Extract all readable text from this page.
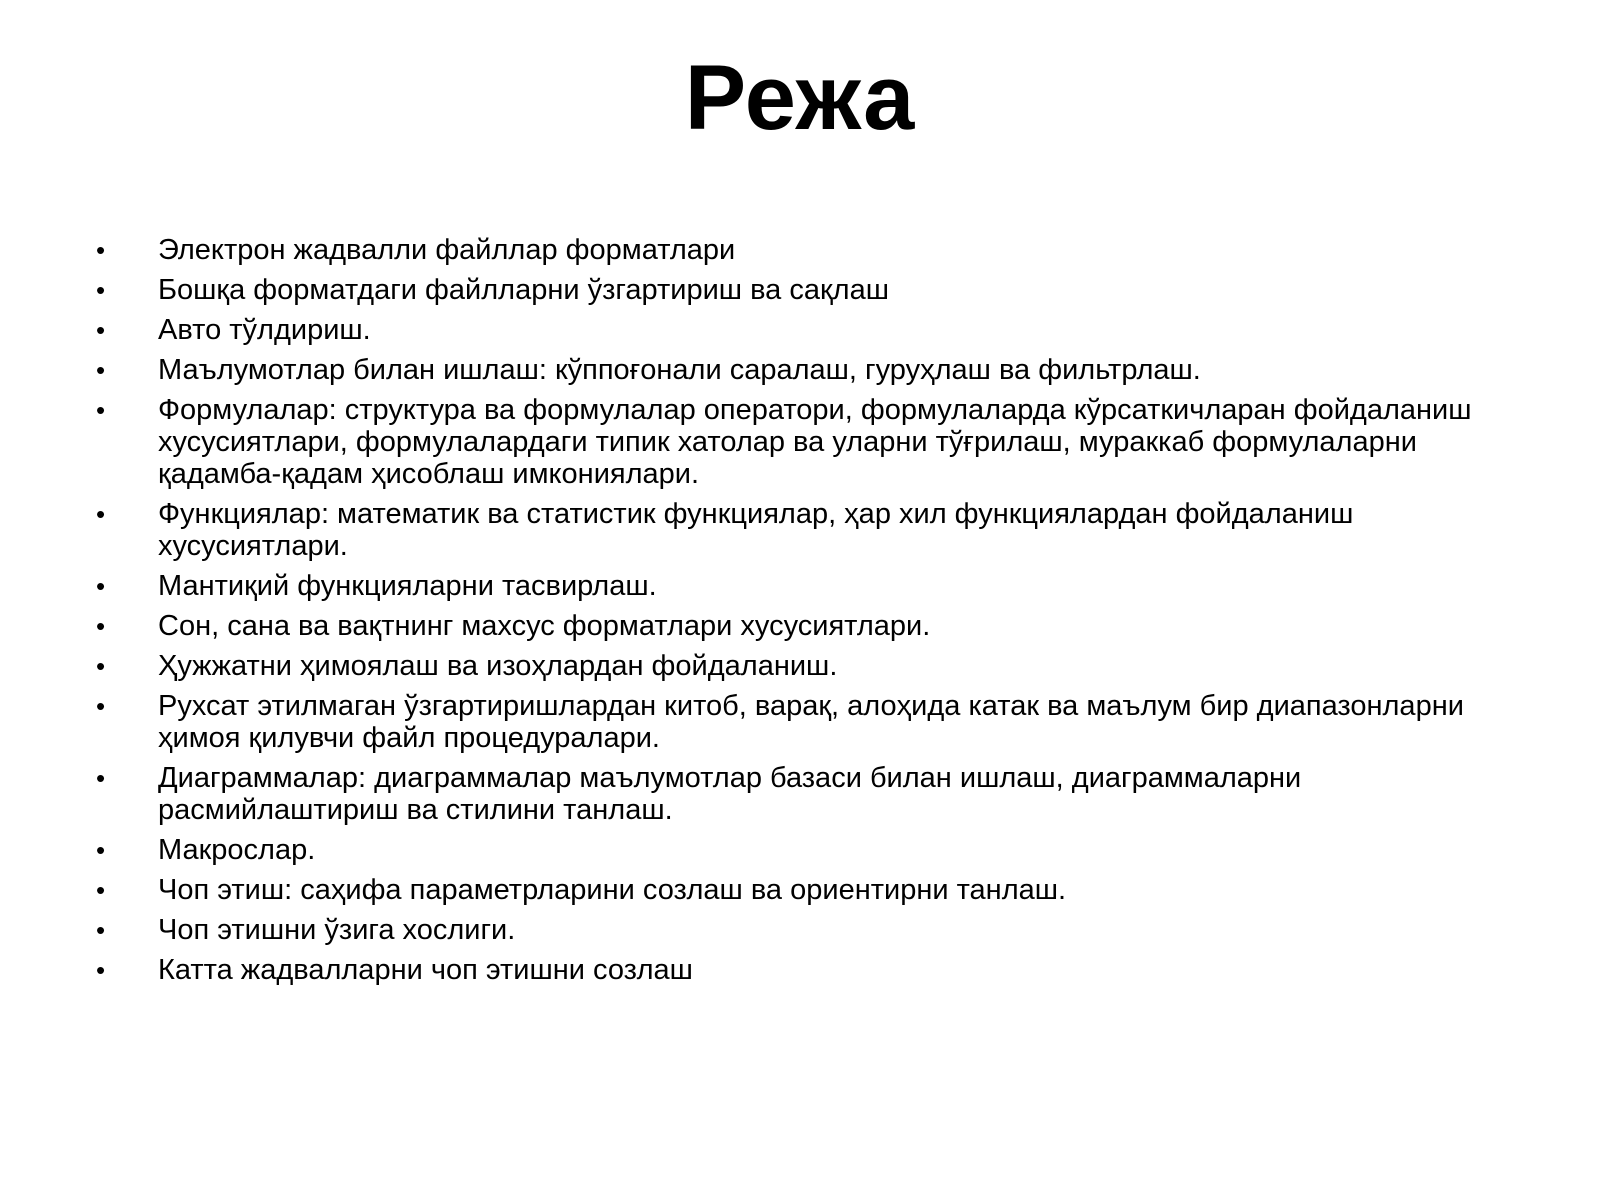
Режа
•	Электрон жадвалли файллар форматлари
•	Бошқа форматдаги файлларни ўзгартириш ва сақлаш
•	Авто тўлдириш.
•	Маълумотлар билан ишлаш: кўппоғонали саралаш, гуруҳлаш ва фильтрлаш.
•	Формулалар: структура ва формулалар оператори, формулаларда кўрсаткичларан фойдаланиш хусусиятлари, формулалардаги типик хатолар ва уларни тўғрилаш, мураккаб формулаларни қадамба-қадам ҳисоблаш имкониялари.
•	Функциялар: математик ва статистик функциялар, ҳар хил функциялардан фойдаланиш хусусиятлари.
•	Мантиқий функцияларни тасвирлаш.
•	Сон, сана ва вақтнинг махсус форматлари хусусиятлари.
•	Ҳужжатни ҳимоялаш ва изоҳлардан фойдаланиш.
•	Рухсат этилмаган ўзгартиришлардан китоб, варақ, алоҳида катак ва маълум бир диапазонларни ҳимоя қилувчи файл процедуралари.
•	Диаграммалар: диаграммалар маълумотлар базаси билан ишлаш, диаграммаларни расмийлаштириш ва стилини танлаш.
•	Макрослар.
•	Чоп этиш: саҳифа параметрларини созлаш ва ориентирни танлаш.
•	Чоп этишни ўзига хослиги.
•	Катта жадвалларни чоп этишни созлаш
